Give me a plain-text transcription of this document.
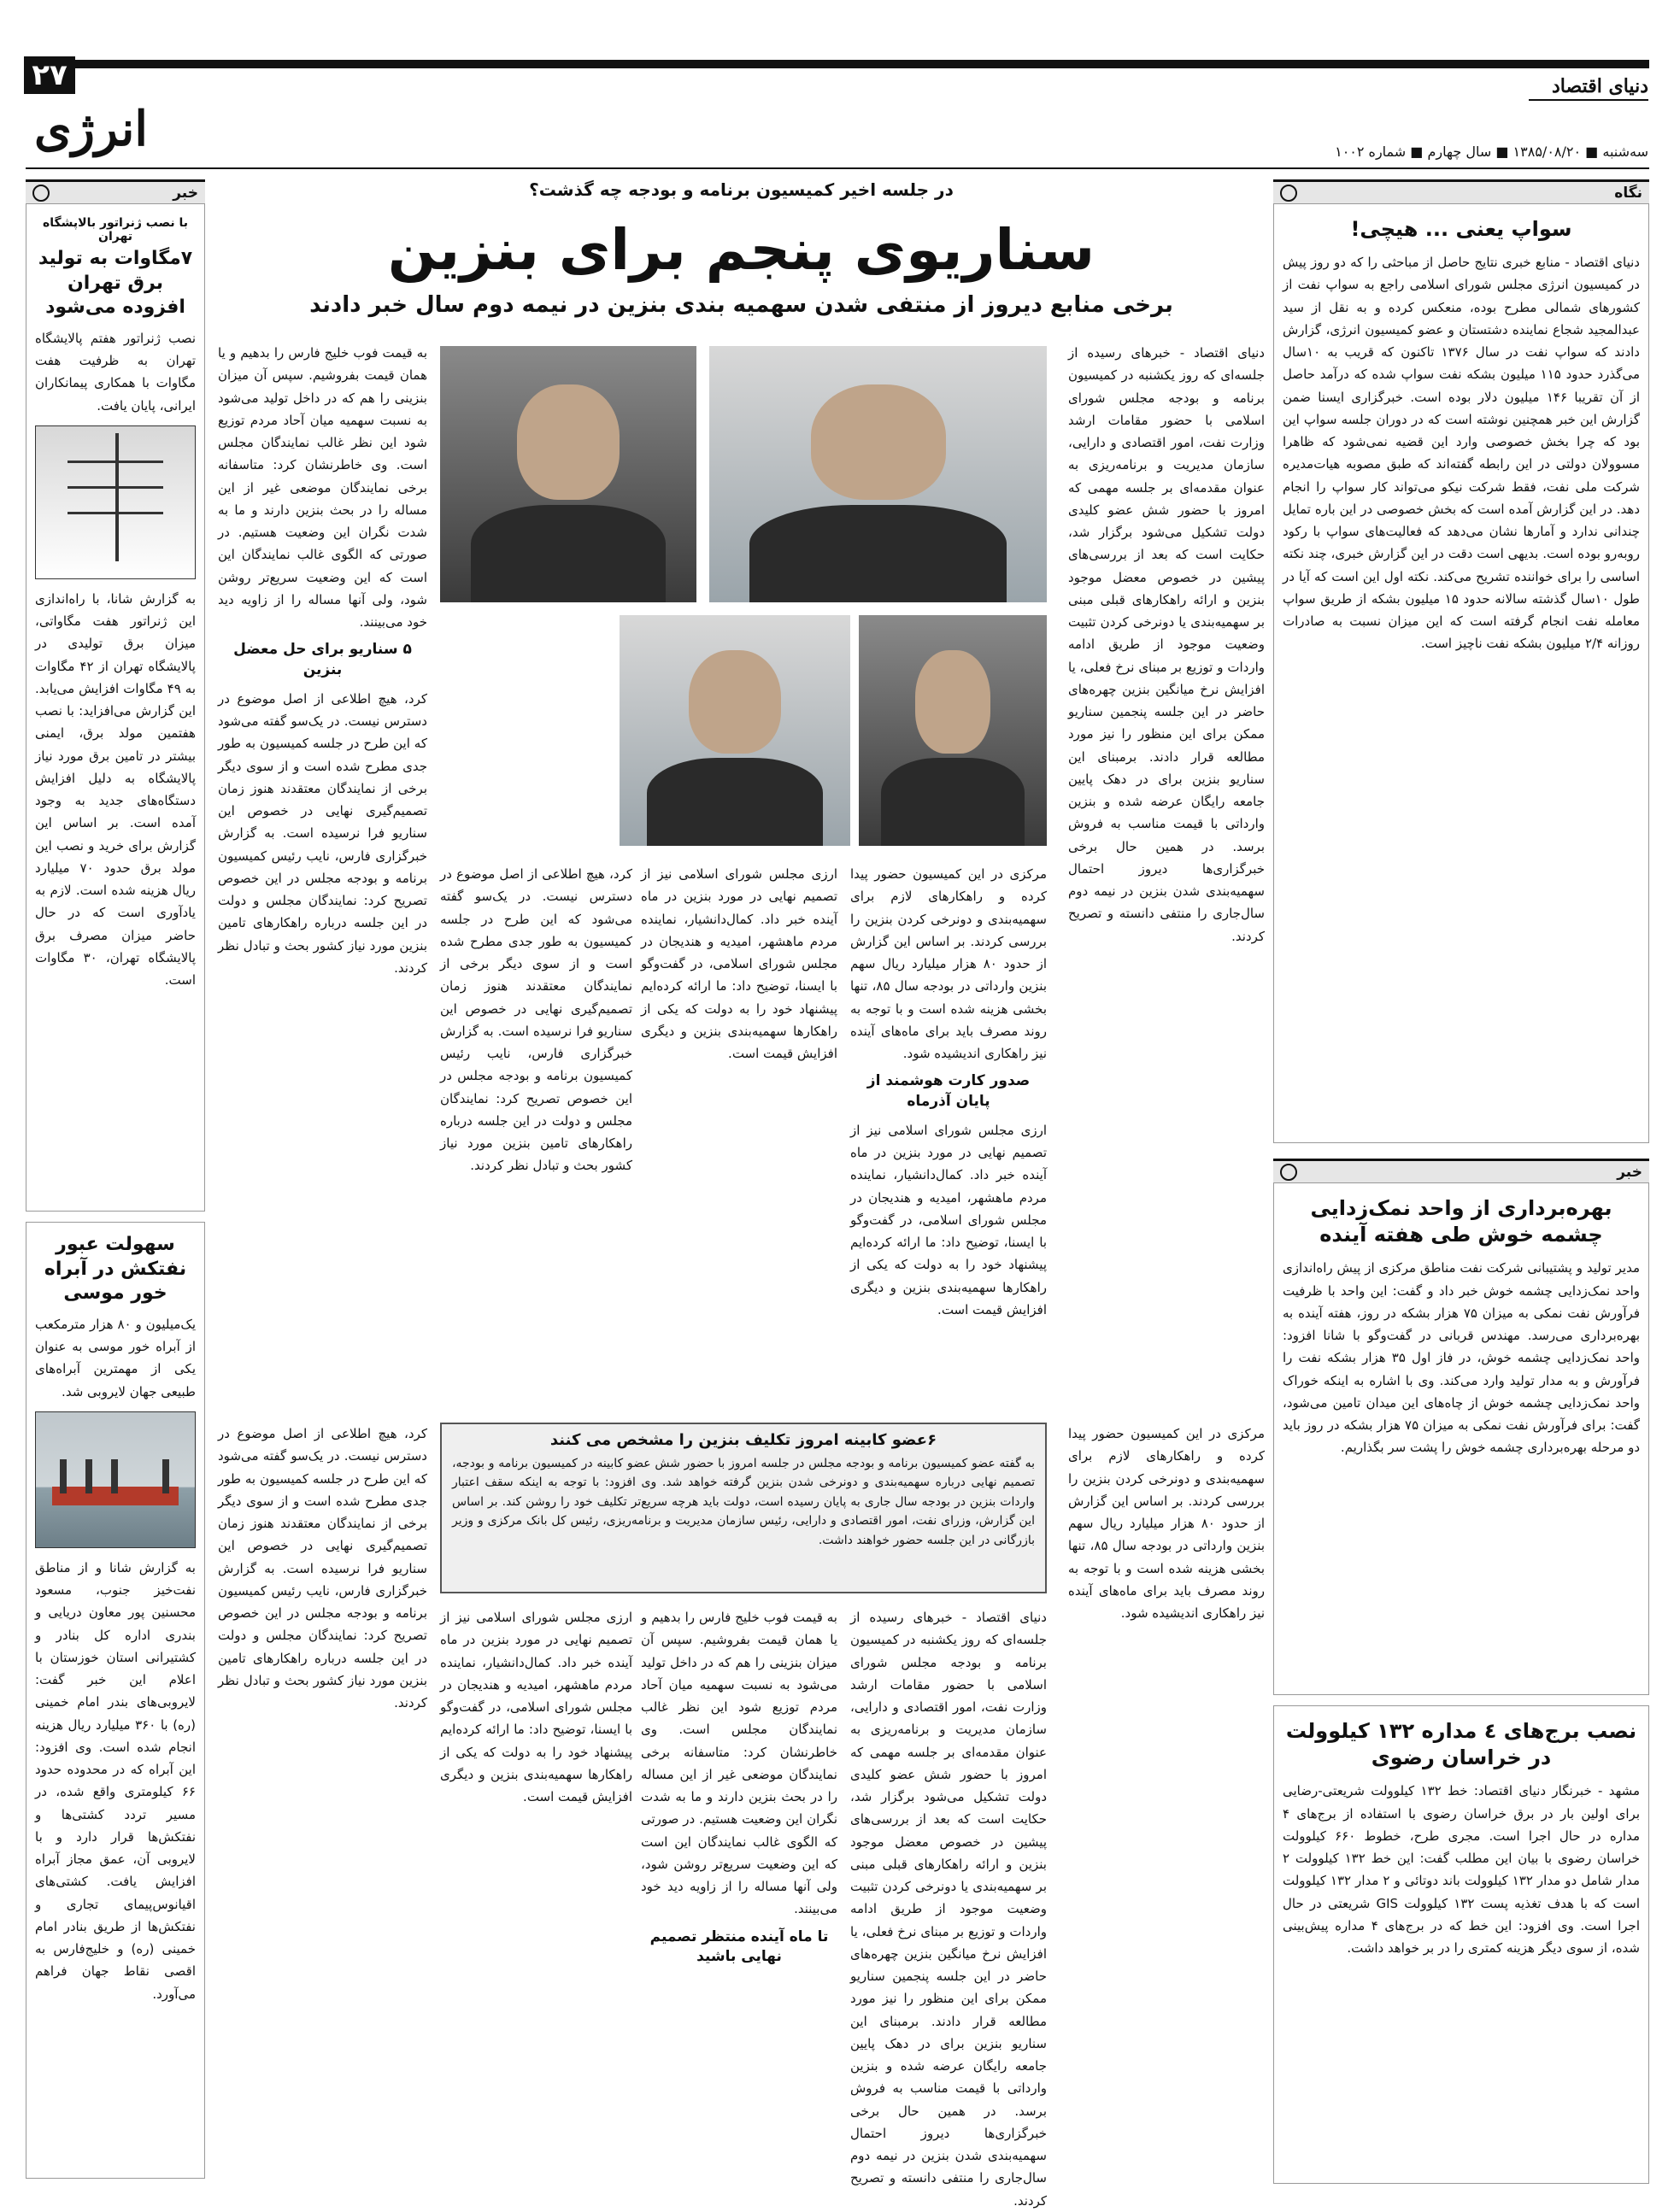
۲۷
انرژی
دنیای اقتصاد
سه‌شنبه ■ ۱۳۸۵/۰۸/۲۰ ■ سال چهارم ■ شماره ۱۰۰۲
نگاه
سواپ یعنی ... هیچی!
دنیای اقتصاد - منابع خبری نتایج حاصل از مباحثی را که دو روز پیش در کمیسیون انرژی مجلس شورای اسلامی راجع به سواپ نفت از کشورهای شمالی مطرح بوده، منعکس کرده و به نقل از سید عبدالمجید شجاع نماینده دشتستان و عضو کمیسیون انرژی، گزارش دادند که سواپ نفت در سال ۱۳۷۶ تاکنون که قریب به ۱۰سال می‌گذرد حدود ۱۱۵ میلیون بشکه نفت سواپ شده که درآمد حاصل از آن تقریبا ۱۴۶ میلیون دلار بوده است. خبرگزاری ایسنا ضمن گزارش این خبر همچنین نوشته است که در دوران جلسه سواپ این بود که چرا بخش خصوصی وارد این قضیه نمی‌شود که ظاهرا مسوولان دولتی در این رابطه گفته‌اند که طبق مصوبه هیات‌مدیره شرکت ملی نفت، فقط شرکت نیکو می‌تواند کار سواپ را انجام دهد. در این گزارش آمده است که بخش خصوصی در این باره تمایل چندانی ندارد و آمارها نشان می‌دهد که فعالیت‌های سواپ با رکود روبه‌رو بوده است. بدیهی است دقت در این گزارش خبری، چند نکته اساسی را برای خواننده تشریح می‌کند. نکته اول این است که آیا در طول ۱۰سال گذشته سالانه حدود ۱۵ میلیون بشکه از طریق سواپ معامله نفت انجام گرفته است که این میزان نسبت به صادرات روزانه ۲/۴ میلیون بشکه نفت ناچیز است.
خبر
بهره‌برداری از واحد نمک‌زدایی چشمه خوش طی هفته آینده
مدیر تولید و پشتیبانی شرکت نفت مناطق مرکزی از پیش راه‌اندازی واحد نمک‌زدایی چشمه خوش خبر داد و گفت: این واحد با ظرفیت فرآورش نفت نمکی به میزان ۷۵ هزار بشکه در روز، هفته آینده به بهره‌برداری می‌رسد. مهندس قربانی در گفت‌وگو با شانا افزود: واحد نمک‌زدایی چشمه خوش، در فاز اول ۳۵ هزار بشکه نفت را فرآورش و به مدار تولید وارد می‌کند. وی با اشاره به اینکه خوراک واحد نمک‌زدایی چشمه خوش از چاه‌های این میدان تامین می‌شود، گفت: برای فرآورش نفت نمکی به میزان ۷۵ هزار بشکه در روز باید دو مرحله بهره‌برداری چشمه خوش را پشت سر بگذاریم.
نصب برج‌های ٤ مداره ١٣٢ کیلوولت در خراسان رضوی
مشهد - خبرنگار دنیای اقتصاد: خط ۱۳۲ کیلوولت شریعتی-رضایی برای اولین بار در برق خراسان رضوی با استفاده از برج‌های ۴ مداره در حال اجرا است. مجری طرح، خطوط ۶۶۰ کیلوولت خراسان رضوی با بیان این مطلب گفت: این خط ۱۳۲ کیلوولت ۲ مدار شامل دو مدار ۱۳۲ کیلوولت باند دوتائی و ۲ مدار ۱۳۲ کیلوولت است که با هدف تغذیه پست ۱۳۲ کیلوولت GIS شریعتی در حال اجرا است. وی افزود: این خط که در برج‌های ۴ مداره پیش‌بینی شده، از سوی دیگر هزینه کمتری را در بر خواهد داشت.
خبر
با نصب ژنراتور بالاپشگاه تهران
۷مگاوات به تولید برق تهران افزوده می‌شود
نصب ژنراتور هفتم پالایشگاه تهران به ظرفیت هفت مگاوات با همکاری پیمانکاران ایرانی، پایان یافت.
به گزارش شانا، با راه‌اندازی این ژنراتور هفت مگاواتی، میزان برق تولیدی در پالایشگاه تهران از ۴۲ مگاوات به ۴۹ مگاوات افزایش می‌یابد. این گزارش می‌افزاید: با نصب هفتمین مولد برق، ایمنی بیشتر در تامین برق مورد نیاز پالایشگاه به دلیل افزایش دستگاه‌های جدید به وجود آمده است. بر اساس این گزارش برای خرید و نصب این مولد برق حدود ۷۰ میلیارد ریال هزینه شده است. لازم به یادآوری است که در حال حاضر میزان مصرف برق پالایشگاه تهران، ۳۰ مگاوات است.
سهولت عبور نفتکش در آبراه خور موسی
یک‌میلیون و ۸۰ هزار مترمکعب از آبراه خور موسی به عنوان یکی از مهمترین آبراه‌های طبیعی جهان لایروبی شد.
به گزارش شانا و از مناطق نفت‌خیز جنوب، مسعود محسنین پور معاون دریایی و بندری اداره کل بنادر و کشتیرانی استان خوزستان با اعلام این خبر گفت: لایروبی‌های بندر امام خمینی (ره) با ۳۶۰ میلیارد ریال هزینه انجام شده است. وی افزود: این آبراه که در محدوده حدود ۶۶ کیلومتری واقع شده، در مسیر تردد کشتی‌ها و نفتکش‌ها قرار دارد و با لایروبی آن، عمق مجاز آبراه افزایش یافت. کشتی‌های اقیانوس‌پیمای تجاری و نفتکش‌ها از طریق بنادر امام خمینی (ره) و خلیج‌فارس به اقصی نقاط جهان فراهم می‌آورد.
در جلسه اخیر کمیسیون برنامه و بودجه چه گذشت؟
سناریوی پنجم برای بنزین
برخی منابع دیروز از منتفی شدن سهمیه بندی بنزین در نیمه دوم سال خبر دادند
دنیای اقتصاد - خبرهای رسیده از جلسه‌ای که روز یکشنبه در کمیسیون برنامه و بودجه مجلس شورای اسلامی با حضور مقامات ارشد وزارت نفت، امور اقتصادی و دارایی، سازمان مدیریت و برنامه‌ریزی به عنوان مقدمه‌ای بر جلسه مهمی که امروز با حضور شش عضو کلیدی دولت تشکیل می‌شود برگزار شد، حکایت است که بعد از بررسی‌های پیشین در خصوص معضل موجود بنزین و ارائه راهکارهای قبلی مبنی بر سهمیه‌بندی یا دونرخی کردن تثبیت وضعیت موجود از طریق ادامه واردات و توزیع بر مبنای نرخ فعلی، یا افزایش نرخ میانگین بنزین چهره‌های حاضر در این جلسه پنجمین سناریو ممکن برای این منظور را نیز مورد مطالعه قرار دادند. برمبنای این سناریو بنزین برای در دهک پایین جامعه رایگان عرضه شده و بنزین وارداتی با قیمت مناسب به فروش برسد. در همین حال برخی خبرگزاری‌ها دیروز احتمال سهمیه‌بندی شدن بنزین در نیمه دوم سال‌جاری را منتفی دانسته و تصریح کردند.
به قیمت فوب خلیج فارس را بدهیم و یا همان قیمت بفروشیم. سپس آن میزان بنزینی را هم که در داخل تولید می‌شود به نسبت سهمیه میان آحاد مردم توزیع شود این نظر غالب نمایندگان مجلس است. وی خاطرنشان کرد: متاسفانه برخی نمایندگان موضعی غیر از این مساله را در بحث بنزین دارند و ما به شدت نگران این وضعیت هستیم. در صورتی که الگوی غالب نمایندگان این است که این وضعیت سریع‌تر روشن شود، ولی آنها مساله را از زاویه دید خود می‌بینند.
۵ سناریو برای حل معضل بنزین
کرد، هیچ اطلاعی از اصل موضوع در دسترس نیست. در یک‌سو گفته می‌شود که این طرح در جلسه کمیسیون به طور جدی مطرح شده است و از سوی دیگر برخی از نمایندگان معتقدند هنوز زمان تصمیم‌گیری نهایی در خصوص این سناریو فرا نرسیده است. به گزارش خبرگزاری فارس، نایب رئیس کمیسیون برنامه و بودجه مجلس در این خصوص تصریح کرد: نمایندگان مجلس و دولت در این جلسه درباره راهکارهای تامین بنزین مورد نیاز کشور بحث و تبادل نظر کردند.
مرکزی در این کمیسیون حضور پیدا کرده و راهکارهای لازم برای سهمیه‌بندی و دونرخی کردن بنزین را بررسی کردند. بر اساس این گزارش از حدود ۸۰ هزار میلیارد ریال سهم بنزین وارداتی در بودجه سال ۸۵، تنها بخشی هزینه شده است و با توجه به روند مصرف باید برای ماه‌های آینده نیز راهکاری اندیشیده شود.
صدور کارت هوشمند از پایان آذرماه
ارزی مجلس شورای اسلامی نیز از تصمیم نهایی در مورد بنزین در ماه آینده خبر داد. کمال‌دانشیار، نماینده مردم ماهشهر، امیدیه و هندیجان در مجلس شورای اسلامی، در گفت‌وگو با ایسنا، توضیح داد: ما ارائه کرده‌ایم پیشنهاد خود را به دولت که یکی از راهکارها سهمیه‌بندی بنزین و دیگری افزایش قیمت است.
ارزی مجلس شورای اسلامی نیز از تصمیم نهایی در مورد بنزین در ماه آینده خبر داد. کمال‌دانشیار، نماینده مردم ماهشهر، امیدیه و هندیجان در مجلس شورای اسلامی، در گفت‌وگو با ایسنا، توضیح داد: ما ارائه کرده‌ایم پیشنهاد خود را به دولت که یکی از راهکارها سهمیه‌بندی بنزین و دیگری افزایش قیمت است.
کرد، هیچ اطلاعی از اصل موضوع در دسترس نیست. در یک‌سو گفته می‌شود که این طرح در جلسه کمیسیون به طور جدی مطرح شده است و از سوی دیگر برخی از نمایندگان معتقدند هنوز زمان تصمیم‌گیری نهایی در خصوص این سناریو فرا نرسیده است. به گزارش خبرگزاری فارس، نایب رئیس کمیسیون برنامه و بودجه مجلس در این خصوص تصریح کرد: نمایندگان مجلس و دولت در این جلسه درباره راهکارهای تامین بنزین مورد نیاز کشور بحث و تبادل نظر کردند.
۶عضو کابینه امروز تکلیف بنزین را مشخص می کنند
به گفته عضو کمیسیون برنامه و بودجه مجلس در جلسه امروز با حضور شش عضو کابینه در کمیسیون برنامه و بودجه، تصمیم نهایی درباره سهمیه‌بندی و دونرخی شدن بنزین گرفته خواهد شد. وی افزود: با توجه به اینکه سقف اعتبار واردات بنزین در بودجه سال جاری به پایان رسیده است، دولت باید هرچه سریع‌تر تکلیف خود را روشن کند. بر اساس این گزارش، وزرای نفت، امور اقتصادی و دارایی، رئیس سازمان مدیریت و برنامه‌ریزی، رئیس کل بانک مرکزی و وزیر بازرگانی در این جلسه حضور خواهند داشت.
مرکزی در این کمیسیون حضور پیدا کرده و راهکارهای لازم برای سهمیه‌بندی و دونرخی کردن بنزین را بررسی کردند. بر اساس این گزارش از حدود ۸۰ هزار میلیارد ریال سهم بنزین وارداتی در بودجه سال ۸۵، تنها بخشی هزینه شده است و با توجه به روند مصرف باید برای ماه‌های آینده نیز راهکاری اندیشیده شود.
دنیای اقتصاد - خبرهای رسیده از جلسه‌ای که روز یکشنبه در کمیسیون برنامه و بودجه مجلس شورای اسلامی با حضور مقامات ارشد وزارت نفت، امور اقتصادی و دارایی، سازمان مدیریت و برنامه‌ریزی به عنوان مقدمه‌ای بر جلسه مهمی که امروز با حضور شش عضو کلیدی دولت تشکیل می‌شود برگزار شد، حکایت است که بعد از بررسی‌های پیشین در خصوص معضل موجود بنزین و ارائه راهکارهای قبلی مبنی بر سهمیه‌بندی یا دونرخی کردن تثبیت وضعیت موجود از طریق ادامه واردات و توزیع بر مبنای نرخ فعلی، یا افزایش نرخ میانگین بنزین چهره‌های حاضر در این جلسه پنجمین سناریو ممکن برای این منظور را نیز مورد مطالعه قرار دادند. برمبنای این سناریو بنزین برای در دهک پایین جامعه رایگان عرضه شده و بنزین وارداتی با قیمت مناسب به فروش برسد. در همین حال برخی خبرگزاری‌ها دیروز احتمال سهمیه‌بندی شدن بنزین در نیمه دوم سال‌جاری را منتفی دانسته و تصریح کردند.
به قیمت فوب خلیج فارس را بدهیم و یا همان قیمت بفروشیم. سپس آن میزان بنزینی را هم که در داخل تولید می‌شود به نسبت سهمیه میان آحاد مردم توزیع شود این نظر غالب نمایندگان مجلس است. وی خاطرنشان کرد: متاسفانه برخی نمایندگان موضعی غیر از این مساله را در بحث بنزین دارند و ما به شدت نگران این وضعیت هستیم. در صورتی که الگوی غالب نمایندگان این است که این وضعیت سریع‌تر روشن شود، ولی آنها مساله را از زاویه دید خود می‌بینند.
تا ماه آینده منتظر تصمیم نهایی باشید
ارزی مجلس شورای اسلامی نیز از تصمیم نهایی در مورد بنزین در ماه آینده خبر داد. کمال‌دانشیار، نماینده مردم ماهشهر، امیدیه و هندیجان در مجلس شورای اسلامی، در گفت‌وگو با ایسنا، توضیح داد: ما ارائه کرده‌ایم پیشنهاد خود را به دولت که یکی از راهکارها سهمیه‌بندی بنزین و دیگری افزایش قیمت است.
کرد، هیچ اطلاعی از اصل موضوع در دسترس نیست. در یک‌سو گفته می‌شود که این طرح در جلسه کمیسیون به طور جدی مطرح شده است و از سوی دیگر برخی از نمایندگان معتقدند هنوز زمان تصمیم‌گیری نهایی در خصوص این سناریو فرا نرسیده است. به گزارش خبرگزاری فارس، نایب رئیس کمیسیون برنامه و بودجه مجلس در این خصوص تصریح کرد: نمایندگان مجلس و دولت در این جلسه درباره راهکارهای تامین بنزین مورد نیاز کشور بحث و تبادل نظر کردند.
